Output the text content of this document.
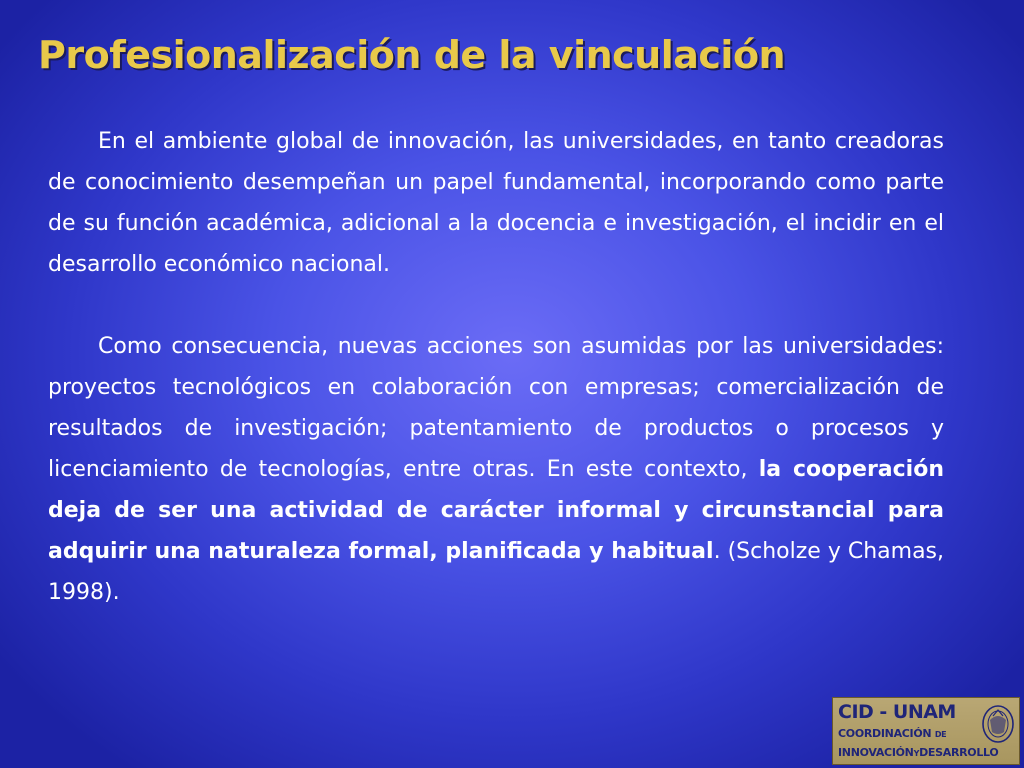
Profesionalización de la vinculación

En el ambiente global de innovación, las universidades, en tanto creadoras de conocimiento desempeñan un papel fundamental, incorporando como parte de su función académica, adicional a la docencia e investigación, el incidir en el desarrollo económico nacional.

Como consecuencia, nuevas acciones son asumidas por las universidades: proyectos tecnológicos en colaboración con empresas; comercialización de resultados de investigación; patentamiento de productos o procesos y licenciamiento de tecnologías, entre otras. En este contexto, la cooperación deja de ser una actividad de carácter informal y circunstancial para adquirir una naturaleza formal, planificada y habitual. (Scholze y Chamas, 1998).

CID - UNAM
COORDINACIÓN DE
INNOVACIÓNYDESARROLLO
